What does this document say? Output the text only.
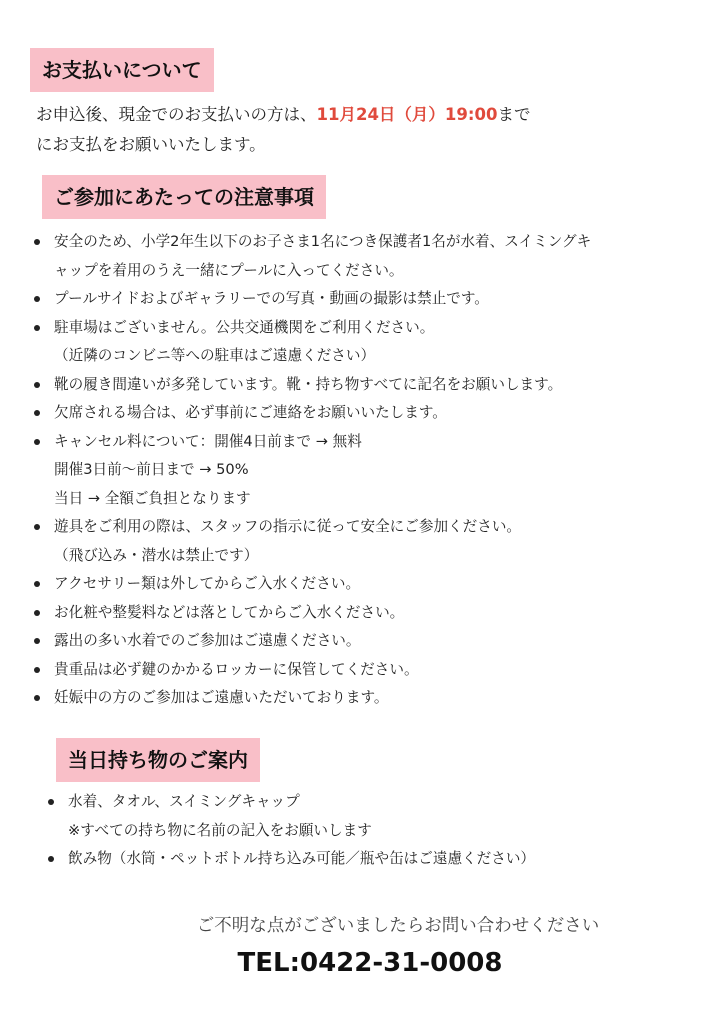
お支払いについて
お申込後、現金でのお支払いの方は、11月24日（月）19:00まで
にお支払をお願いいたします。
ご参加にあたっての注意事項
安全のため、小学2年生以下のお子さま1名につき保護者1名が水着、スイミングキ
ャップを着用のうえ一緒にプールに入ってください。
プールサイドおよびギャラリーでの写真・動画の撮影は禁止です。
駐車場はございません。公共交通機関をご利用ください。
（近隣のコンビニ等への駐車はご遠慮ください）
靴の履き間違いが多発しています。靴・持ち物すべてに記名をお願いします。
欠席される場合は、必ず事前にご連絡をお願いいたします。
キャンセル料について：開催4日前まで → 無料
開催3日前〜前日まで → 50%
当日 → 全額ご負担となります
遊具をご利用の際は、スタッフの指示に従って安全にご参加ください。
（飛び込み・潜水は禁止です）
アクセサリー類は外してからご入水ください。
お化粧や整髪料などは落としてからご入水ください。
露出の多い水着でのご参加はご遠慮ください。
貴重品は必ず鍵のかかるロッカーに保管してください。
妊娠中の方のご参加はご遠慮いただいております。
当日持ち物のご案内
水着、タオル、スイミングキャップ
※すべての持ち物に名前の記入をお願いします
飲み物（水筒・ペットボトル持ち込み可能／瓶や缶はご遠慮ください）
ご不明な点がございましたらお問い合わせください
TEL:0422-31-0008
